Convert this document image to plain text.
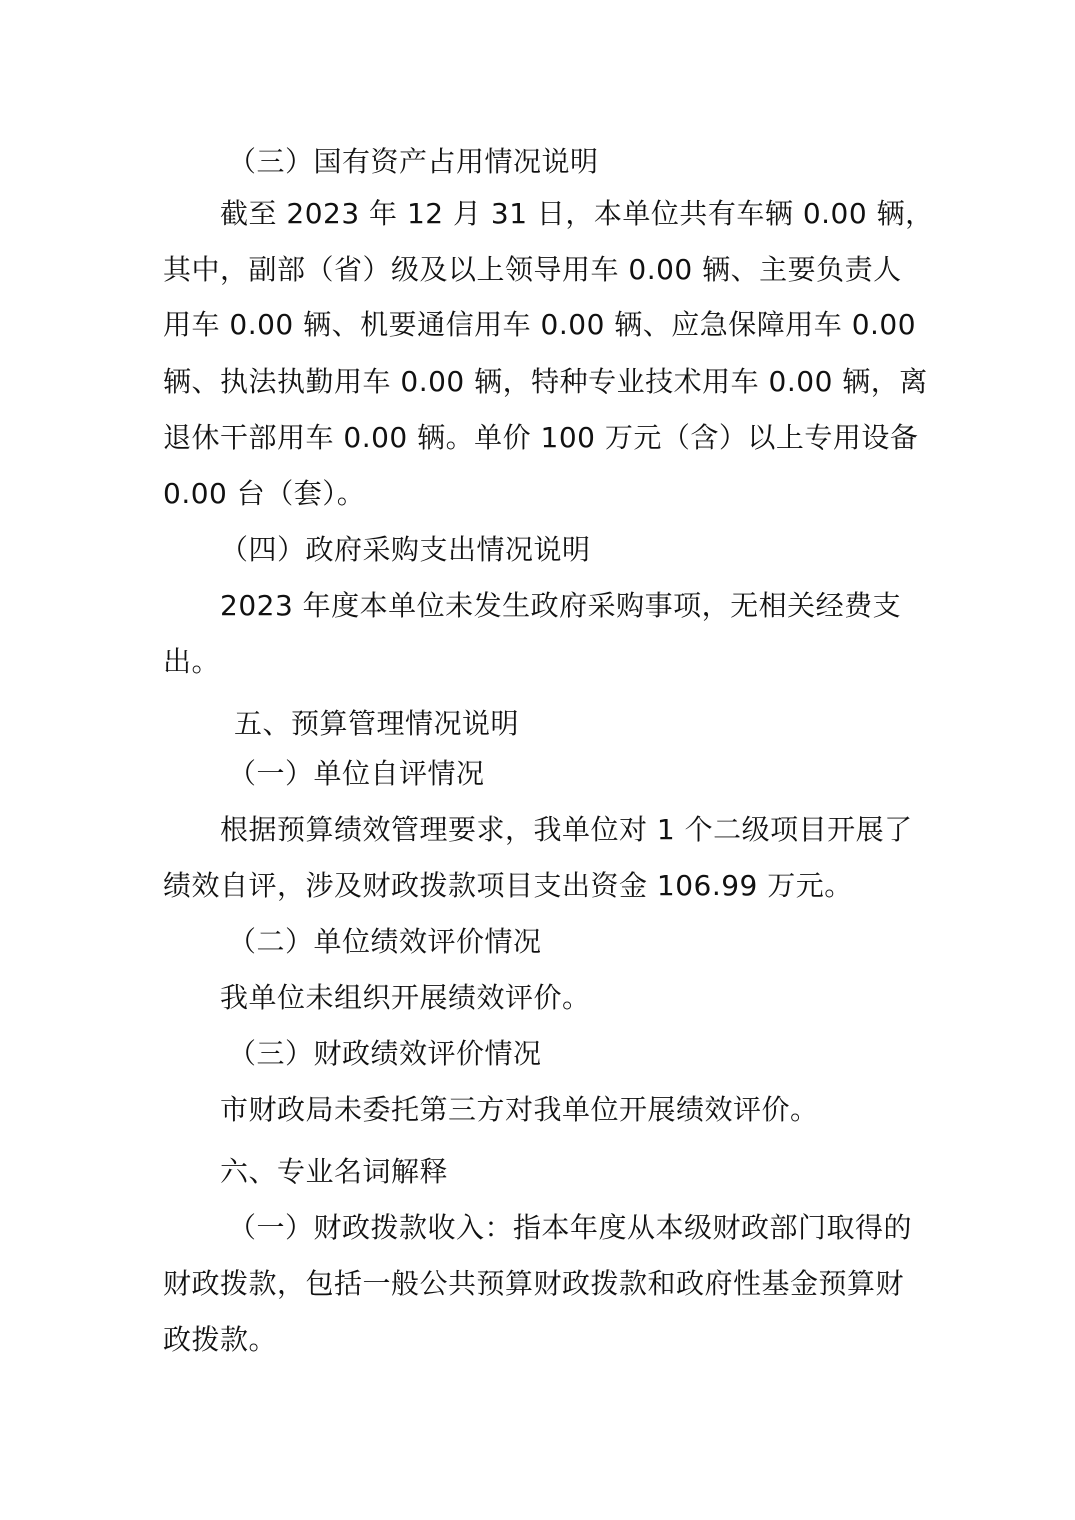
（三）国有资产占用情况说明
截至 2023 年 12 月 31 日，本单位共有车辆 0.00 辆，
其中，副部（省）级及以上领导用车 0.00 辆、主要负责人
用车 0.00 辆、机要通信用车 0.00 辆、应急保障用车 0.00
辆、执法执勤用车 0.00 辆，特种专业技术用车 0.00 辆，离
退休干部用车 0.00 辆。单价 100 万元（含）以上专用设备
0.00 台（套）。
（四）政府采购支出情况说明
2023 年度本单位未发生政府采购事项，无相关经费支
出。
五、预算管理情况说明
（一）单位自评情况
根据预算绩效管理要求，我单位对 1 个二级项目开展了
绩效自评，涉及财政拨款项目支出资金 106.99 万元。
（二）单位绩效评价情况
我单位未组织开展绩效评价。
（三）财政绩效评价情况
市财政局未委托第三方对我单位开展绩效评价。
六、专业名词解释
（一）财政拨款收入：指本年度从本级财政部门取得的
财政拨款，包括一般公共预算财政拨款和政府性基金预算财
政拨款。
